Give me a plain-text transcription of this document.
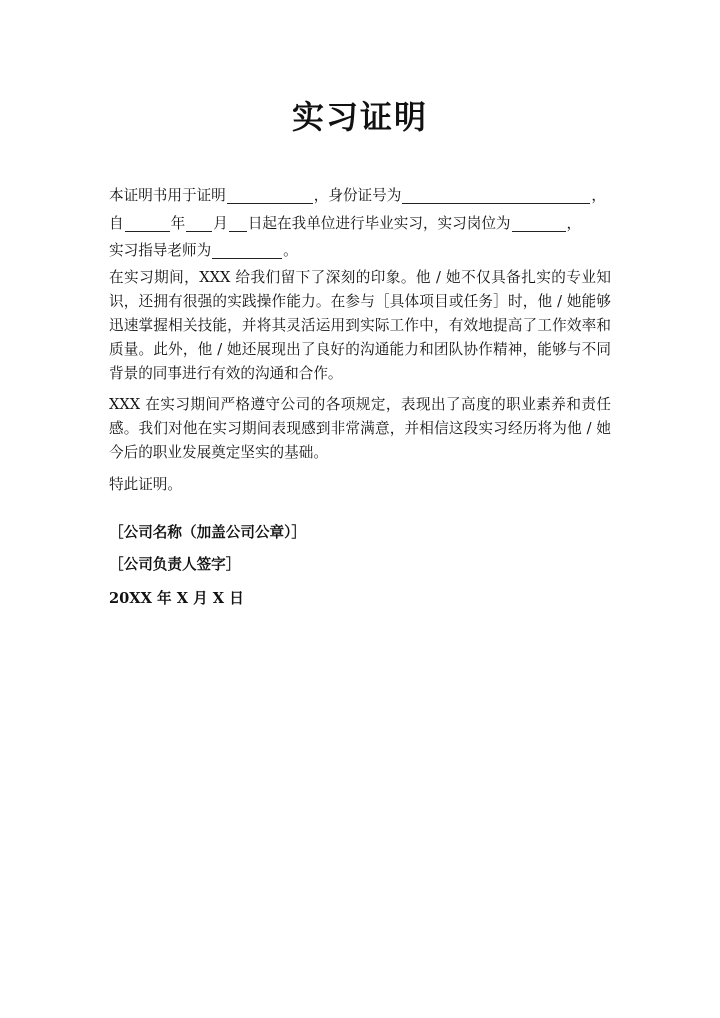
实习证明
本证明书用于证明	，身份证号为	，
自	年 月 日起在我单位进行毕业实习，实习岗位为	，
实习指导老师为	。

在实习期间，XXX 给我们留下了深刻的印象。他 / 她不仅具备扎实的专业知识，还拥有很强的实践操作能力。在参与［具体项目或任务］时，他 / 她能够迅速掌握相关技能，并将其灵活运用到实际工作中，有效地提高了工作效率和质量。此外，他 / 她还展现出了良好的沟通能力和团队协作精神，能够与不同背景的同事进行有效的沟通和合作。

XXX 在实习期间严格遵守公司的各项规定，表现出了高度的职业素养和责任感。我们对他在实习期间表现感到非常满意，并相信这段实习经历将为他 / 她今后的职业发展奠定坚实的基础。

特此证明。

［公司名称（加盖公司公章）］
［公司负责人签字］
20XX 年 X 月 X 日
